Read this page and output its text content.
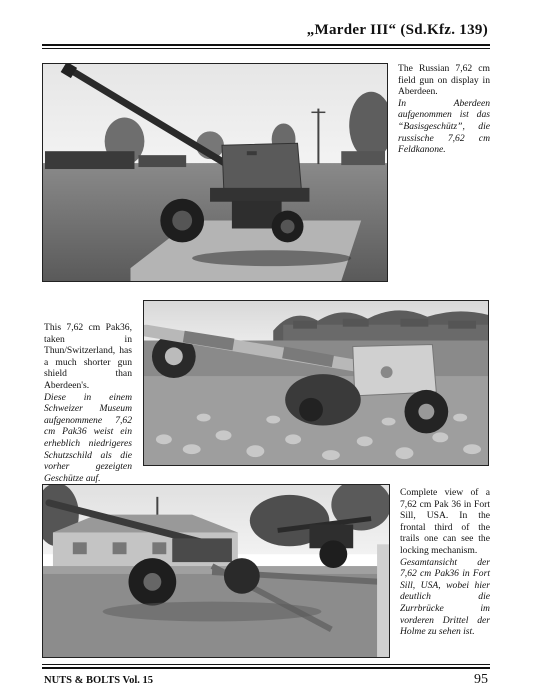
„Marder III“ (Sd.Kfz. 139)

The Russian 7,62 cm field gun on display in Aberdeen.

In Aberdeen aufgenommen ist das “Basisgeschütz”, die russische 7,62 cm Feldkanone.

This 7,62 cm Pak36, taken in Thun/Switzerland, has a much shorter gun shield than Aberdeen's.

Diese in einem Schweizer Museum aufgenommene 7,62 cm Pak36 weist ein erheblich niedrigeres Schutzschild als die vorher gezeigten Geschütze auf.

Complete view of a 7,62 cm Pak 36 in Fort Sill, USA. In the frontal third of the trails one can see the locking mechanism.

Gesamtansicht der 7,62 cm Pak36 in Fort Sill, USA, wobei hier deutlich die Zurrbrücke im vorderen Drittel der Holme zu sehen ist.

NUTS & BOLTS Vol. 15	95
